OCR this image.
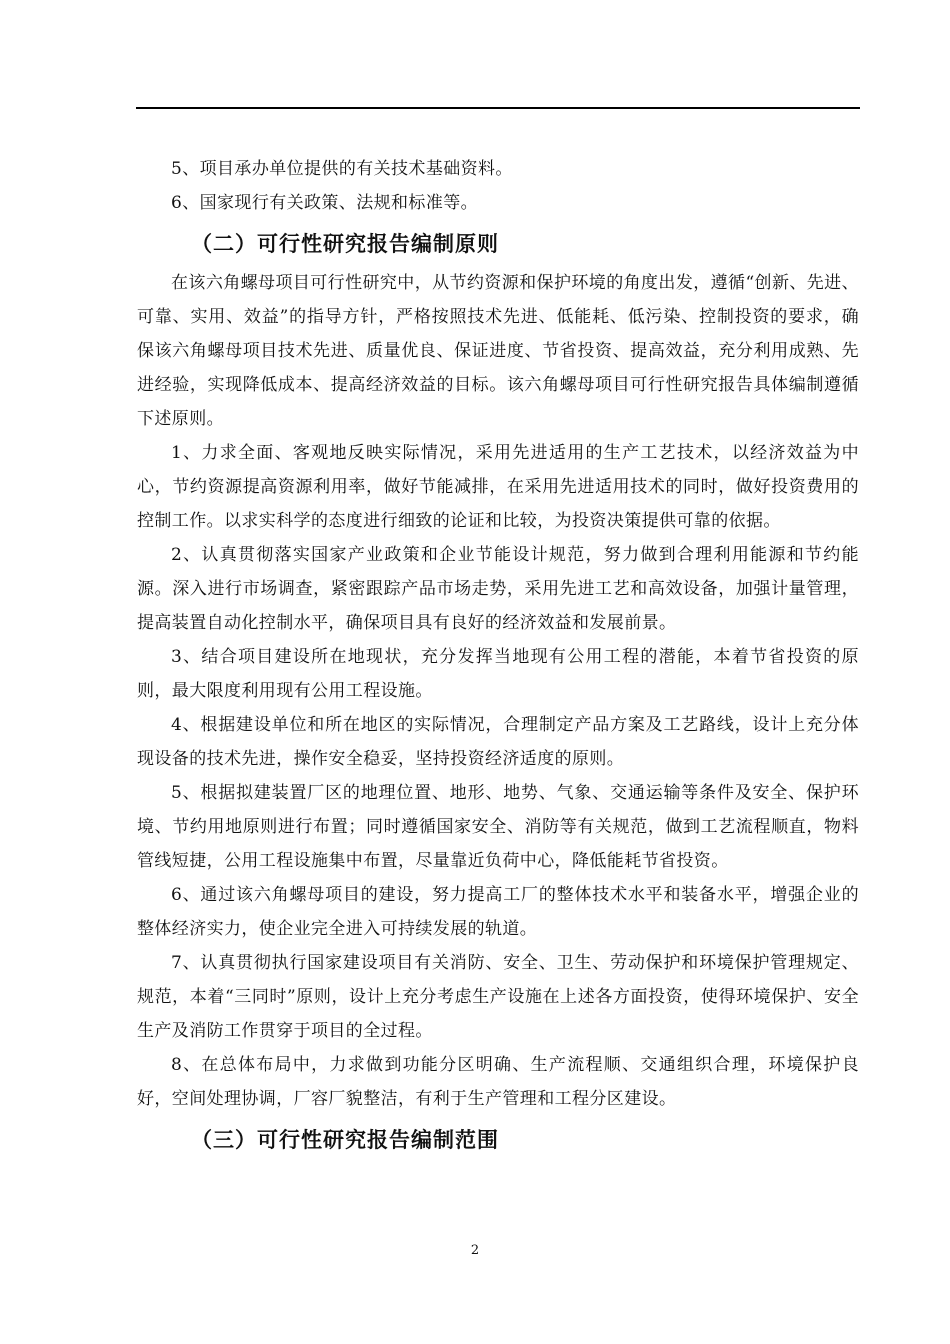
5、项目承办单位提供的有关技术基础资料。

6、国家现行有关政策、法规和标准等。

（二）可行性研究报告编制原则

在该六角螺母项目可行性研究中，从节约资源和保护环境的角度出发，遵循“创新、先进、可靠、实用、效益”的指导方针，严格按照技术先进、低能耗、低污染、控制投资的要求，确保该六角螺母项目技术先进、质量优良、保证进度、节省投资、提高效益，充分利用成熟、先进经验，实现降低成本、提高经济效益的目标。该六角螺母项目可行性研究报告具体编制遵循下述原则。

1、力求全面、客观地反映实际情况，采用先进适用的生产工艺技术，以经济效益为中心，节约资源提高资源利用率，做好节能减排，在采用先进适用技术的同时，做好投资费用的控制工作。以求实科学的态度进行细致的论证和比较，为投资决策提供可靠的依据。

2、认真贯彻落实国家产业政策和企业节能设计规范，努力做到合理利用能源和节约能源。深入进行市场调查，紧密跟踪产品市场走势，采用先进工艺和高效设备，加强计量管理，提高装置自动化控制水平，确保项目具有良好的经济效益和发展前景。

3、结合项目建设所在地现状，充分发挥当地现有公用工程的潜能，本着节省投资的原则，最大限度利用现有公用工程设施。

4、根据建设单位和所在地区的实际情况，合理制定产品方案及工艺路线，设计上充分体现设备的技术先进，操作安全稳妥，坚持投资经济适度的原则。

5、根据拟建装置厂区的地理位置、地形、地势、气象、交通运输等条件及安全、保护环境、节约用地原则进行布置；同时遵循国家安全、消防等有关规范，做到工艺流程顺直，物料管线短捷，公用工程设施集中布置，尽量靠近负荷中心，降低能耗节省投资。

6、通过该六角螺母项目的建设，努力提高工厂的整体技术水平和装备水平，增强企业的整体经济实力，使企业完全进入可持续发展的轨道。

7、认真贯彻执行国家建设项目有关消防、安全、卫生、劳动保护和环境保护管理规定、规范，本着“三同时”原则，设计上充分考虑生产设施在上述各方面投资，使得环境保护、安全生产及消防工作贯穿于项目的全过程。

8、在总体布局中，力求做到功能分区明确、生产流程顺、交通组织合理，环境保护良好，空间处理协调，厂容厂貌整洁，有利于生产管理和工程分区建设。

（三）可行性研究报告编制范围
2
